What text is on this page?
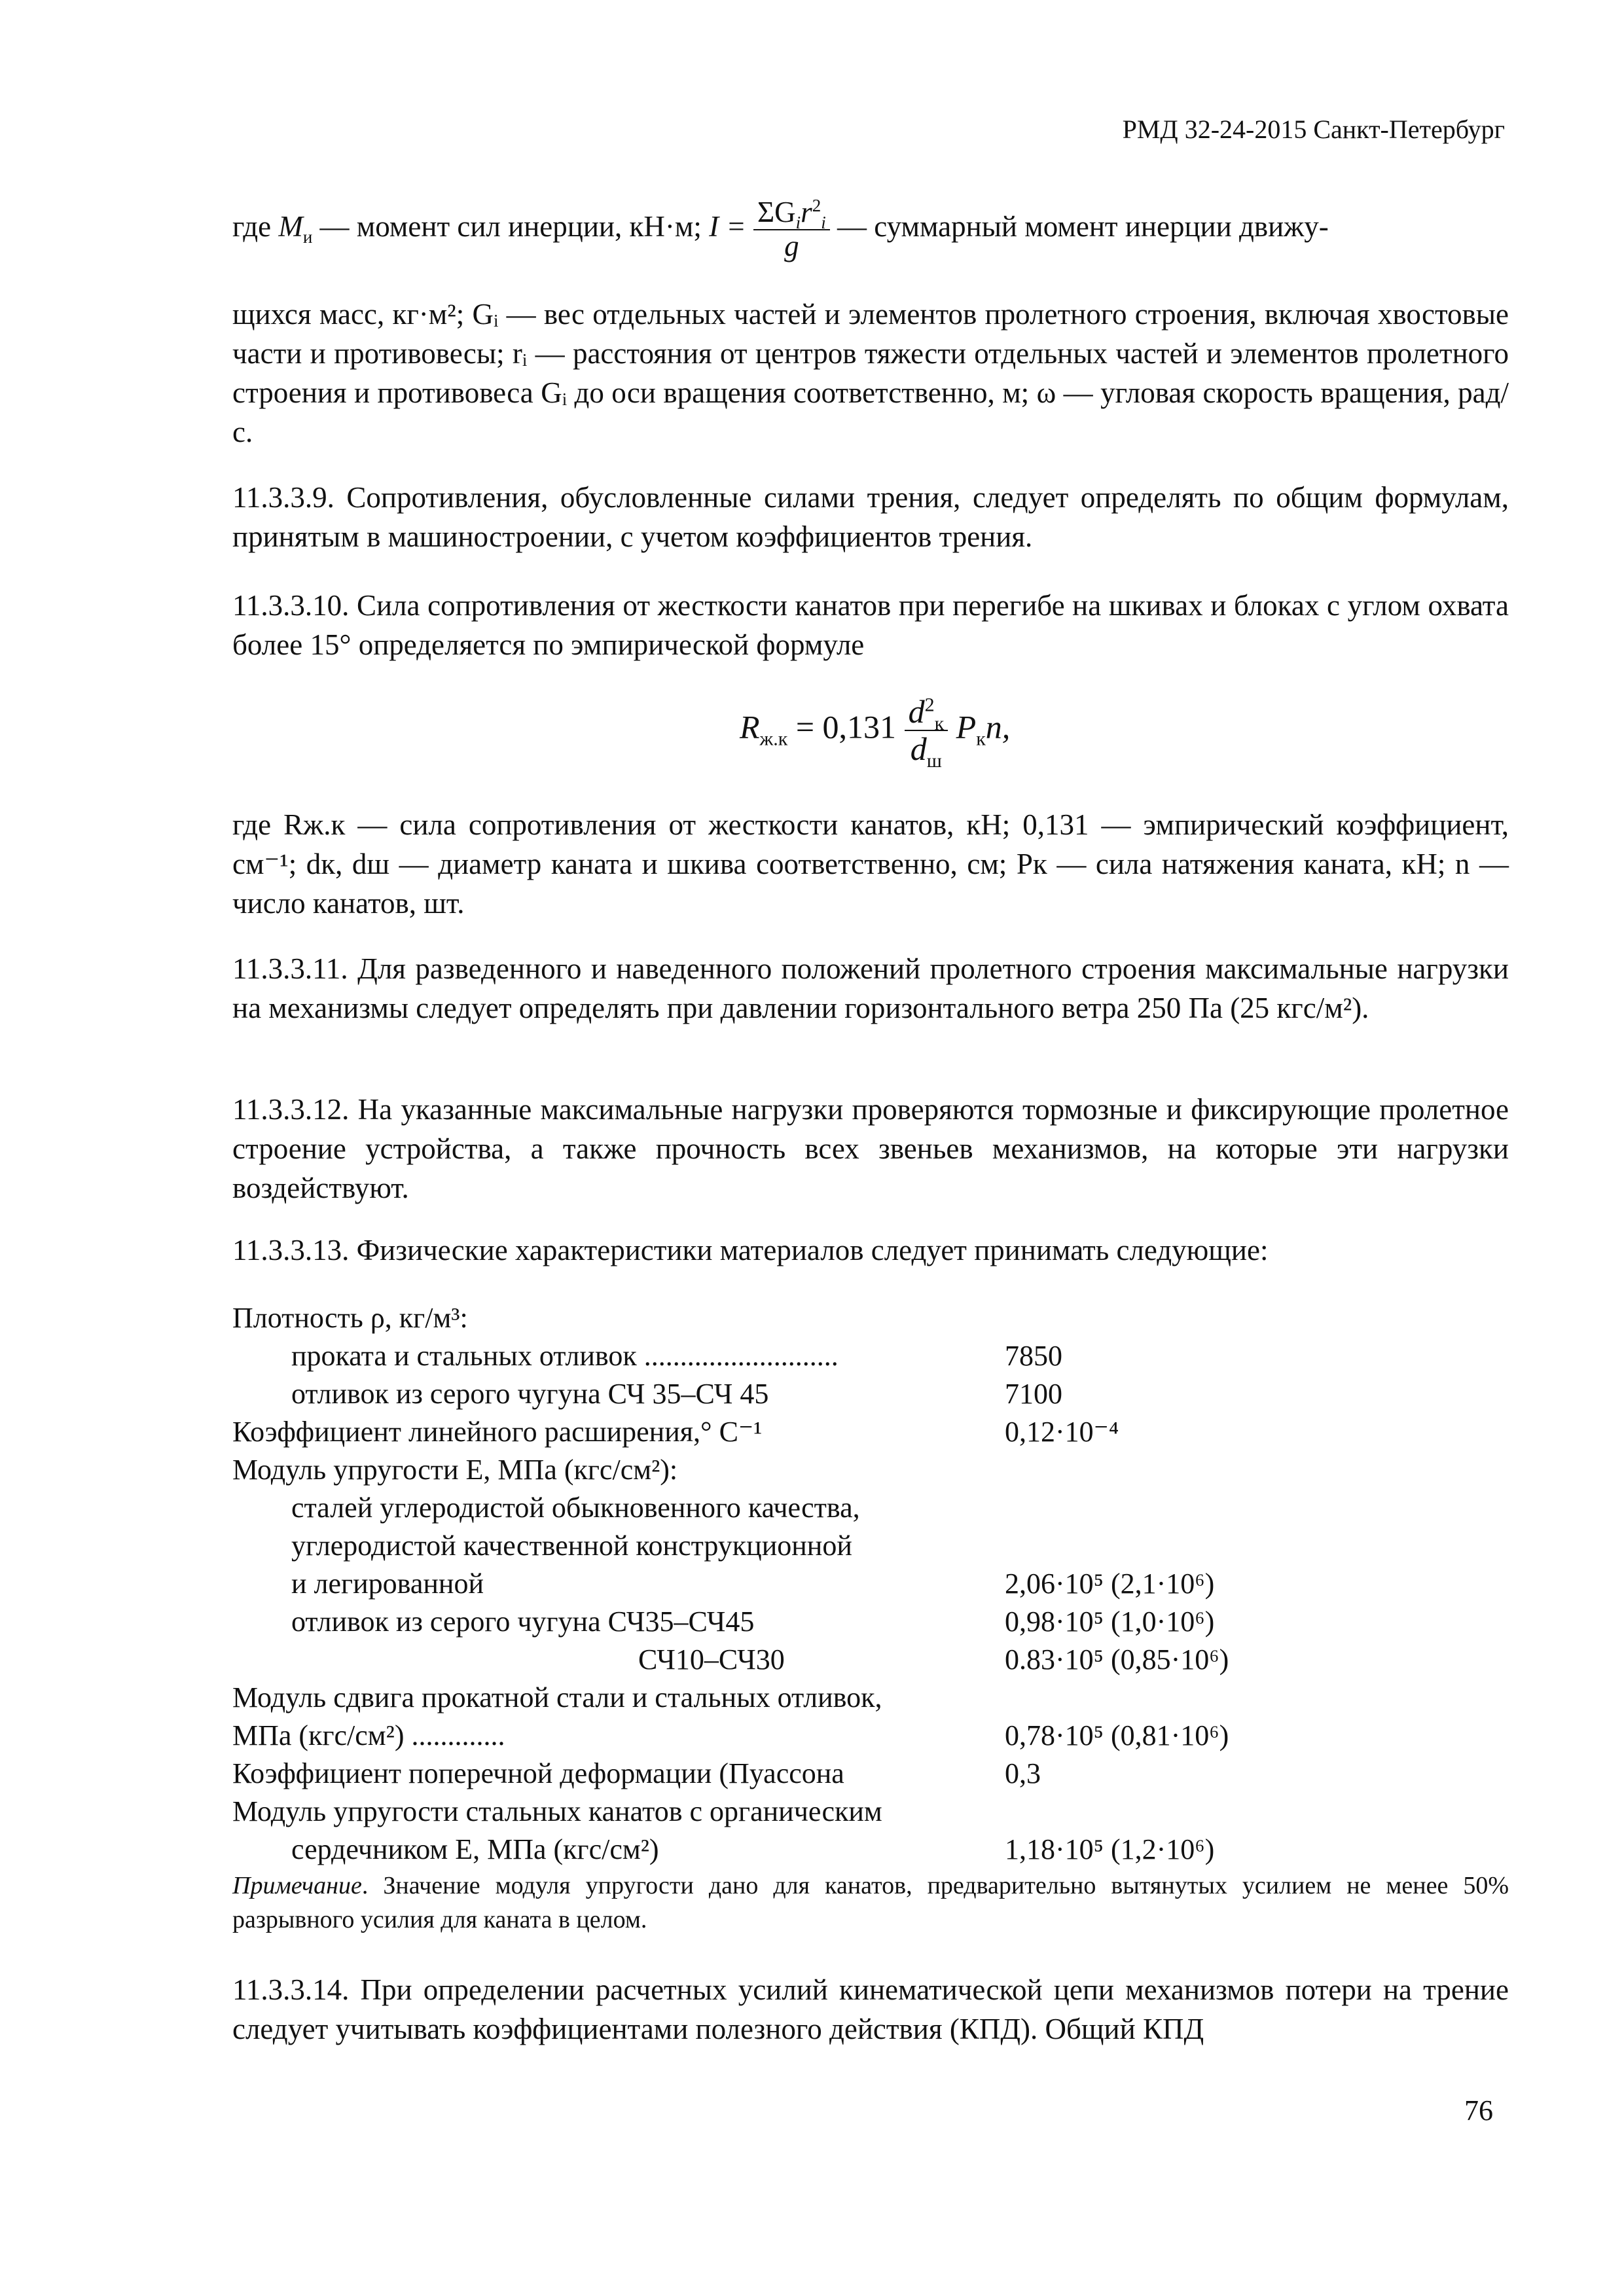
РМД 32-24-2015 Санкт-Петербург

где $M_и$ — момент сил инерции, кН·м; $I = \frac{\Sigma G_ir^2_i}{g}$ — суммарный момент инерции движу-

щихся масс, кг·м²; Gᵢ — вес отдельных частей и элементов пролетного строения, включая хвостовые части и противовесы; rᵢ — расстояния от центров тяжести отдельных частей и элементов пролетного строения и противовеса Gᵢ до оси вращения соответственно, м; ω — угловая скорость вращения, рад/с.

11.3.3.9. Сопротивления, обусловленные силами трения, следует определять по общим формулам, принятым в машиностроении, с учетом коэффициентов трения.

11.3.3.10. Сила сопротивления от жесткости канатов при перегибе на шкивах и блоках с углом охвата более 15° определяется по эмпирической формуле

$R_{ж.к} = 0,131 \frac{d^2_к}{d_ш} P_кn$,

где Rж.к — сила сопротивления от жесткости канатов, кН; 0,131 — эмпирический коэффициент, см⁻¹; dк, dш — диаметр каната и шкива соответственно, см; Pк — сила натяжения каната, кН; n — число канатов, шт.

11.3.3.11. Для разведенного и наведенного положений пролетного строения максимальные нагрузки на механизмы следует определять при давлении горизонтального ветра 250 Па (25 кгс/м²).

11.3.3.12. На указанные максимальные нагрузки проверяются тормозные и фиксирующие пролетное строение устройства, а также прочность всех звеньев механизмов, на которые эти нагрузки воздействуют.

11.3.3.13. Физические характеристики материалов следует принимать следующие:

Плотность ρ, кг/м³:
проката и стальных отливок ...........................	7850
отливок из серого чугуна СЧ 35–СЧ 45	7100
Коэффициент линейного расширения,° С⁻¹	0,12·10⁻⁴
Модуль упругости E, МПа (кгс/см²):
сталей углеродистой обыкновенного качества,
углеродистой качественной конструкционной
и легированной	2,06·10⁵ (2,1·10⁶)
отливок из серого чугуна СЧ35–СЧ45	0,98·10⁵ (1,0·10⁶)
СЧ10–СЧ30	0.83·10⁵ (0,85·10⁶)
Модуль сдвига прокатной стали и стальных отливок,
МПа (кгс/см²) .............	0,78·10⁵ (0,81·10⁶)
Коэффициент поперечной деформации (Пуассона	0,3
Модуль упругости стальных канатов с органическим
сердечником E, МПа (кгс/см²)	1,18·10⁵ (1,2·10⁶)
Примечание. Значение модуля упругости дано для канатов, предварительно вытянутых усилием не менее 50% разрывного усилия для каната в целом.

11.3.3.14. При определении расчетных усилий кинематической цепи механизмов потери на трение следует учитывать коэффициентами полезного действия (КПД). Общий КПД

76
